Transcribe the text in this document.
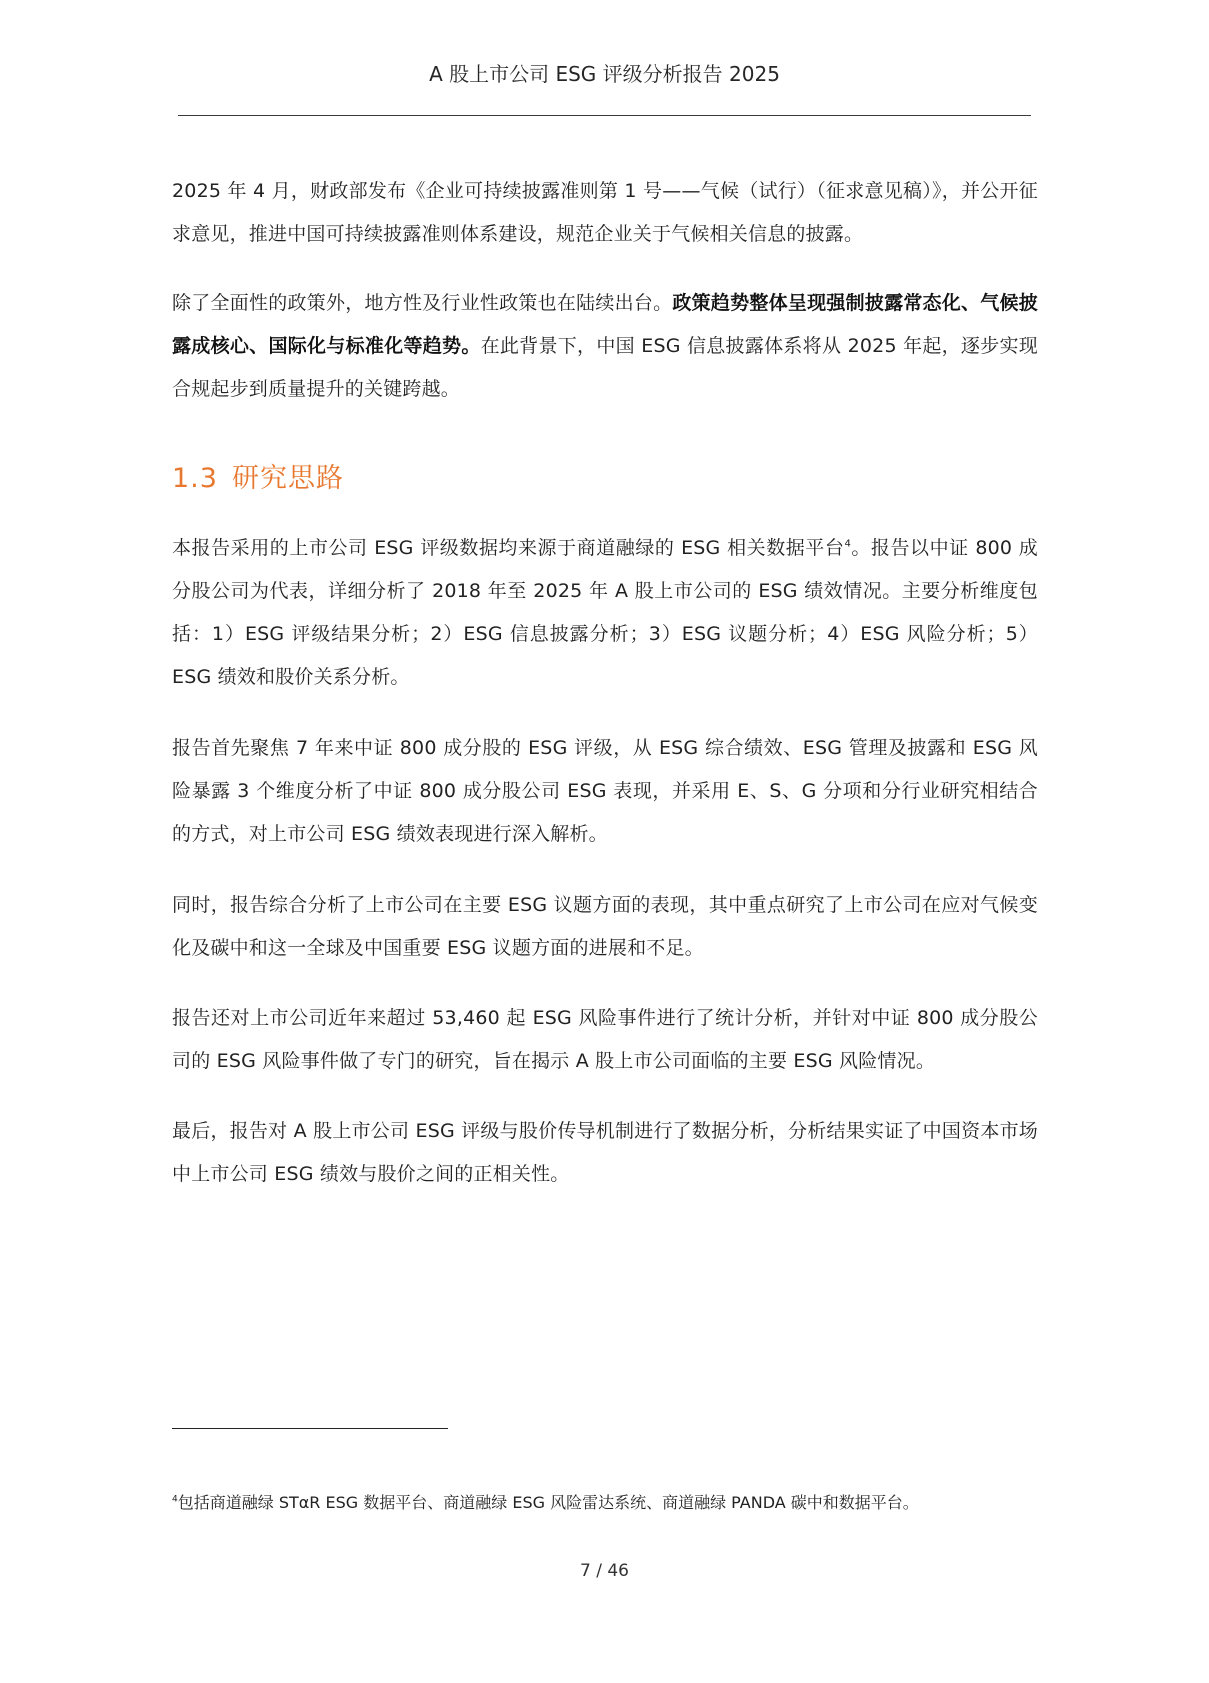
A 股上市公司 ESG 评级分析报告 2025

2025 年 4 月，财政部发布《企业可持续披露准则第 1 号——气候（试行）（征求意见稿）》，并公开征求意见，推进中国可持续披露准则体系建设，规范企业关于气候相关信息的披露。

除了全面性的政策外，地方性及行业性政策也在陆续出台。政策趋势整体呈现强制披露常态化、气候披露成核心、国际化与标准化等趋势。在此背景下，中国 ESG 信息披露体系将从 2025 年起，逐步实现合规起步到质量提升的关键跨越。

1.3 研究思路

本报告采用的上市公司 ESG 评级数据均来源于商道融绿的 ESG 相关数据平台$^4$。报告以中证 800 成分股公司为代表，详细分析了 2018 年至 2025 年 A 股上市公司的 ESG 绩效情况。主要分析维度包括：1）ESG 评级结果分析；2）ESG 信息披露分析；3）ESG 议题分析；4）ESG 风险分析；5）ESG 绩效和股价关系分析。

报告首先聚焦 7 年来中证 800 成分股的 ESG 评级，从 ESG 综合绩效、ESG 管理及披露和 ESG 风险暴露 3 个维度分析了中证 800 成分股公司 ESG 表现，并采用 E、S、G 分项和分行业研究相结合的方式，对上市公司 ESG 绩效表现进行深入解析。

同时，报告综合分析了上市公司在主要 ESG 议题方面的表现，其中重点研究了上市公司在应对气候变化及碳中和这一全球及中国重要 ESG 议题方面的进展和不足。

报告还对上市公司近年来超过 53,460 起 ESG 风险事件进行了统计分析，并针对中证 800 成分股公司的 ESG 风险事件做了专门的研究，旨在揭示 A 股上市公司面临的主要 ESG 风险情况。

最后，报告对 A 股上市公司 ESG 评级与股价传导机制进行了数据分析，分析结果实证了中国资本市场中上市公司 ESG 绩效与股价之间的正相关性。

$^4$包括商道融绿 STαR ESG 数据平台、商道融绿 ESG 风险雷达系统、商道融绿 PANDA 碳中和数据平台。
7 / 46
